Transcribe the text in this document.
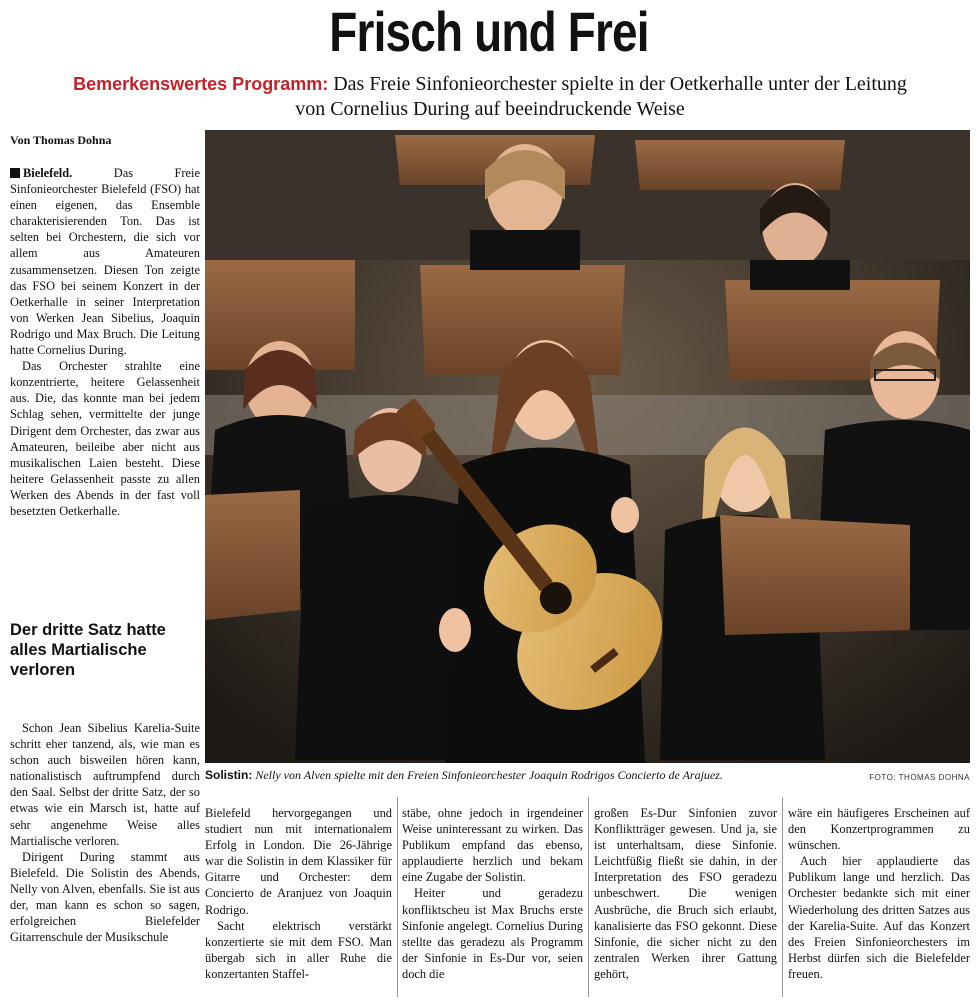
Frisch und Frei
Bemerkenswertes Programm: Das Freie Sinfonieorchester spielte in der Oetkerhalle unter der Leitung von Cornelius During auf beeindruckende Weise
Von Thomas Dohna

Bielefeld.	Das Freie Sinfonieorchester Bielefeld (FSO) hat einen eigenen, das Ensemble charakterisierenden Ton. Das ist selten bei Orchestern, die sich vor allem aus Amateuren zusammensetzen. Diesen Ton zeigte das FSO bei seinem Konzert in der Oetkerhalle in seiner Interpretation von Werken Jean Sibelius, Joaquin Rodrigo und Max Bruch. Die Leitung hatte Cornelius During.

Das Orchester strahlte eine konzentrierte, heitere Gelassenheit aus. Die, das konnte man bei jedem Schlag sehen, vermittelte der junge Dirigent dem Orchester, das zwar aus Amateuren, beileibe aber nicht aus musikalischen Laien besteht. Diese heitere Gelassenheit passte zu allen Werken des Abends in der fast voll besetzten Oetkerhalle.

Der dritte Satz hatte alles Martialische verloren

Schon Jean Sibelius Karelia-Suite schritt eher tanzend, als, wie man es schon auch bisweilen hören kann, nationalistisch auftrumpfend durch den Saal. Selbst der dritte Satz, der so etwas wie ein Marsch ist, hatte auf sehr angenehme Weise alles Martialische verloren.

Dirigent During stammt aus Bielefeld. Die Solistin des Abends, Nelly von Alven, ebenfalls. Sie ist aus der, man kann es schon so sagen, erfolgreichen Bielefelder Gitarrenschule der Musikschule

Solistin: Nelly von Alven spielte mit den Freien Sinfonieorchester Joaquin Rodrigos Concierto de Arajuez.	FOTO: THOMAS DOHNA

Bielefeld hervorgegangen und studiert nun mit internationalem Erfolg in London. Die 26-Jährige war die Solistin in dem Klassiker für Gitarre und Orchester: dem Concierto de Aranjuez von Joaquin Rodrigo.

Sacht elektrisch verstärkt konzertierte sie mit dem FSO. Man übergab sich in aller Ruhe die konzertanten Staffel-

stäbe, ohne jedoch in irgendeiner Weise uninteressant zu wirken. Das Publikum empfand das ebenso, applaudierte herzlich und bekam eine Zugabe der Solistin.

Heiter und geradezu konfliktscheu ist Max Bruchs erste Sinfonie angelegt. Cornelius During stellte das geradezu als Programm der Sinfonie in Es-Dur vor, seien doch die

großen Es-Dur Sinfonien zuvor Konfliktträger gewesen. Und ja, sie ist unterhaltsam, diese Sinfonie. Leichtfüßig fließt sie dahin, in der Interpretation des FSO geradezu unbeschwert. Die wenigen Ausbrüche, die Bruch sich erlaubt, kanalisierte das FSO gekonnt. Diese Sinfonie, die sicher nicht zu den zentralen Werken ihrer Gattung gehört,

wäre ein häufigeres Erscheinen auf den Konzertprogrammen zu wünschen.

Auch hier applaudierte das Publikum lange und herzlich. Das Orchester bedankte sich mit einer Wiederholung des dritten Satzes aus der Karelia-Suite. Auf das Konzert des Freien Sinfonieorchesters im Herbst dürfen sich die Bielefelder freuen.
